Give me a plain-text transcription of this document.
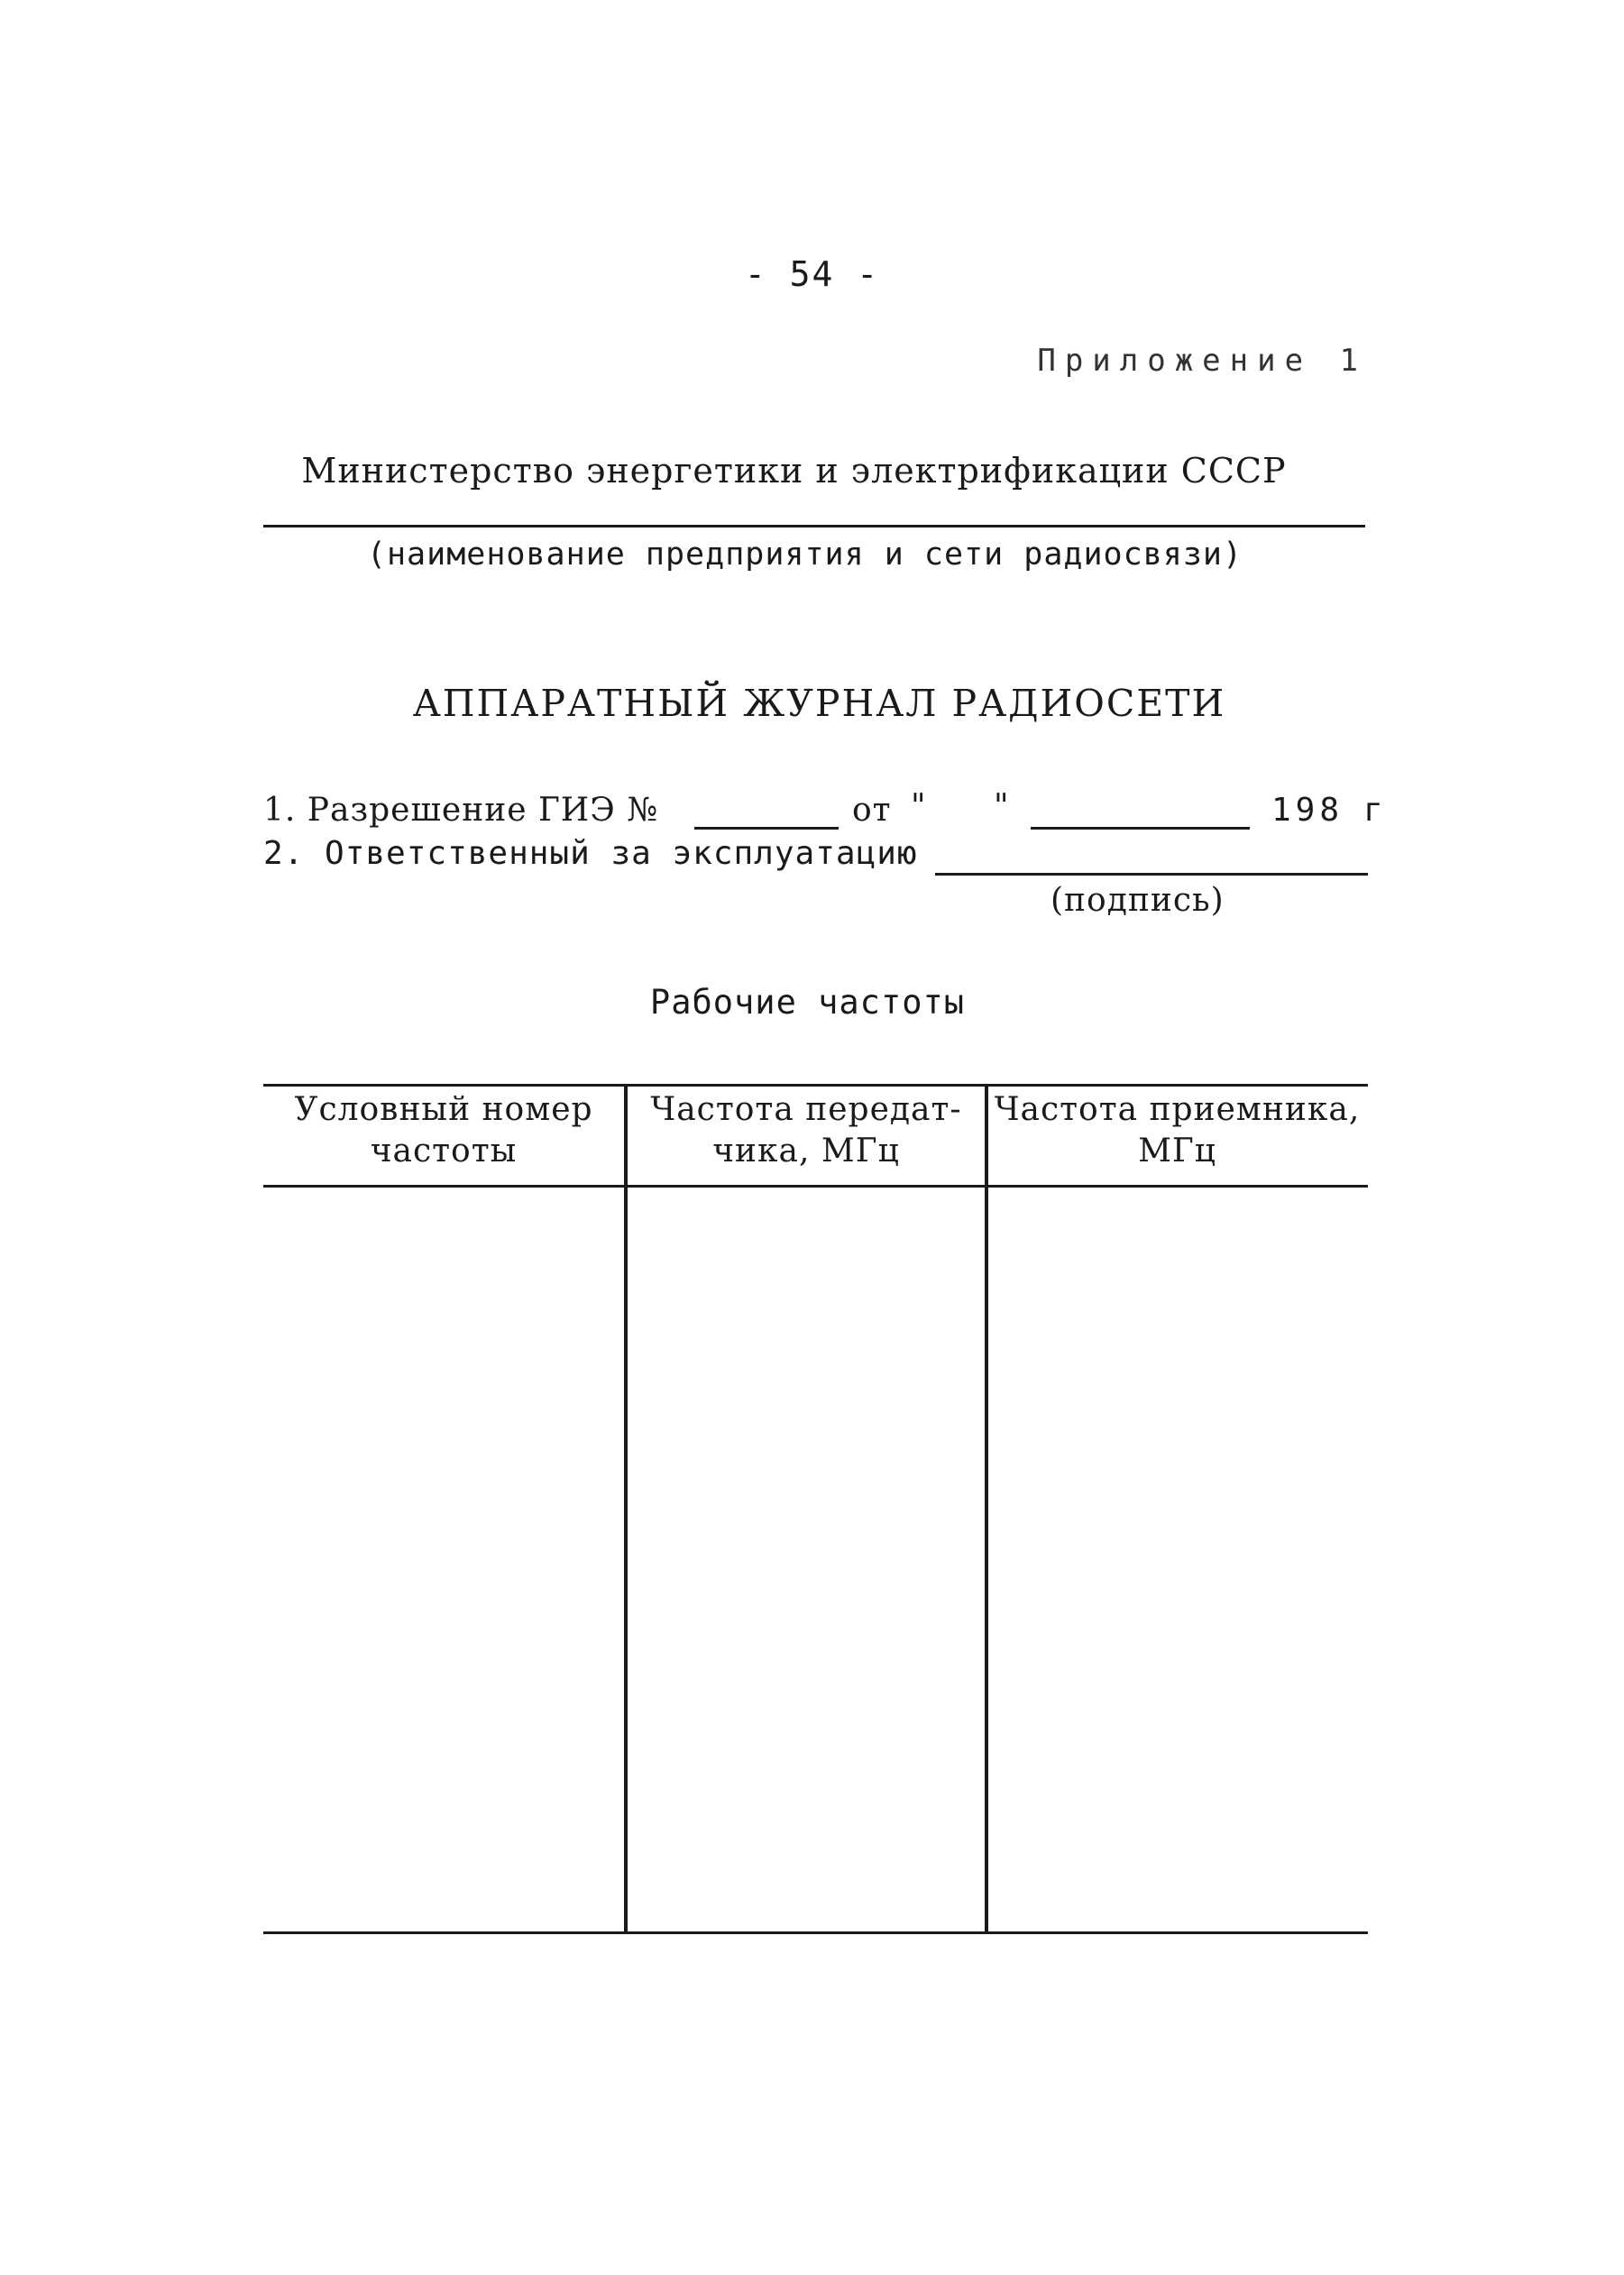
- 54 -
Приложение 1
Министерство энергетики и электрификации СССР
(наименование предприятия и сети радиосвязи)
АППАРАТНЫЙ ЖУРНАЛ РАДИОСЕТИ
1. Разрешение ГИЭ №	от " "	198 г
2. Ответственный за эксплуатацию
(подпись)
Рабочие частоты
Условный номер
частоты
Частота передат-
чика, МГц
Частота приемника,
МГц
